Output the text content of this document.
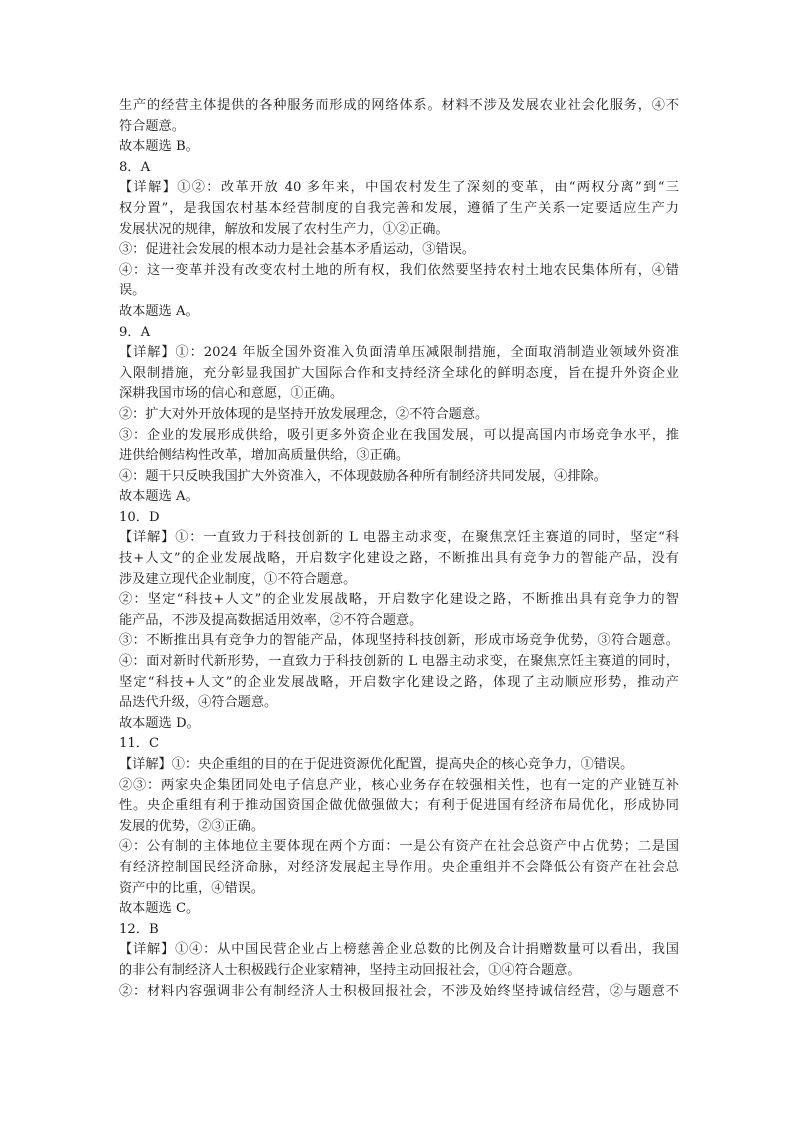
生产的经营主体提供的各种服务而形成的网络体系。材料不涉及发展农业社会化服务，④不
符合题意。
故本题选 B。
8．A
【详解】①②：改革开放 40 多年来，中国农村发生了深刻的变革，由“两权分离”到“三
权分置”，是我国农村基本经营制度的自我完善和发展，遵循了生产关系一定要适应生产力
发展状况的规律，解放和发展了农村生产力，①②正确。
③：促进社会发展的根本动力是社会基本矛盾运动，③错误。
④：这一变革并没有改变农村土地的所有权，我们依然要坚持农村土地农民集体所有，④错
误。
故本题选 A。
9．A
【详解】①：2024 年版全国外资准入负面清单压减限制措施，全面取消制造业领域外资准
入限制措施，充分彰显我国扩大国际合作和支持经济全球化的鲜明态度，旨在提升外资企业
深耕我国市场的信心和意愿，①正确。
②：扩大对外开放体现的是坚持开放发展理念，②不符合题意。
③：企业的发展形成供给，吸引更多外资企业在我国发展，可以提高国内市场竞争水平，推
进供给侧结构性改革，增加高质量供给，③正确。
④：题干只反映我国扩大外资准入，不体现鼓励各种所有制经济共同发展，④排除。
故本题选 A。
10．D
【详解】①：一直致力于科技创新的 L 电器主动求变，在聚焦烹饪主赛道的同时，坚定“科
技+人文”的企业发展战略，开启数字化建设之路，不断推出具有竞争力的智能产品，没有
涉及建立现代企业制度，①不符合题意。
②：坚定“科技+人文”的企业发展战略，开启数字化建设之路，不断推出具有竞争力的智
能产品，不涉及提高数据适用效率，②不符合题意。
③：不断推出具有竞争力的智能产品，体现坚持科技创新，形成市场竞争优势，③符合题意。
④：面对新时代新形势，一直致力于科技创新的 L 电器主动求变，在聚焦烹饪主赛道的同时，
坚定“科技+人文”的企业发展战略，开启数字化建设之路，体现了主动顺应形势，推动产
品迭代升级，④符合题意。
故本题选 D。
11．C
【详解】①：央企重组的目的在于促进资源优化配置，提高央企的核心竞争力，①错误。
②③：两家央企集团同处电子信息产业，核心业务存在较强相关性，也有一定的产业链互补
性。央企重组有利于推动国资国企做优做强做大；有利于促进国有经济布局优化，形成协同
发展的优势，②③正确。
④：公有制的主体地位主要体现在两个方面：一是公有资产在社会总资产中占优势；二是国
有经济控制国民经济命脉，对经济发展起主导作用。央企重组并不会降低公有资产在社会总
资产中的比重，④错误。
故本题选 C。
12．B
【详解】①④：从中国民营企业占上榜慈善企业总数的比例及合计捐赠数量可以看出，我国
的非公有制经济人士积极践行企业家精神，坚持主动回报社会，①④符合题意。
②：材料内容强调非公有制经济人士积极回报社会，不涉及始终坚持诚信经营，②与题意不
